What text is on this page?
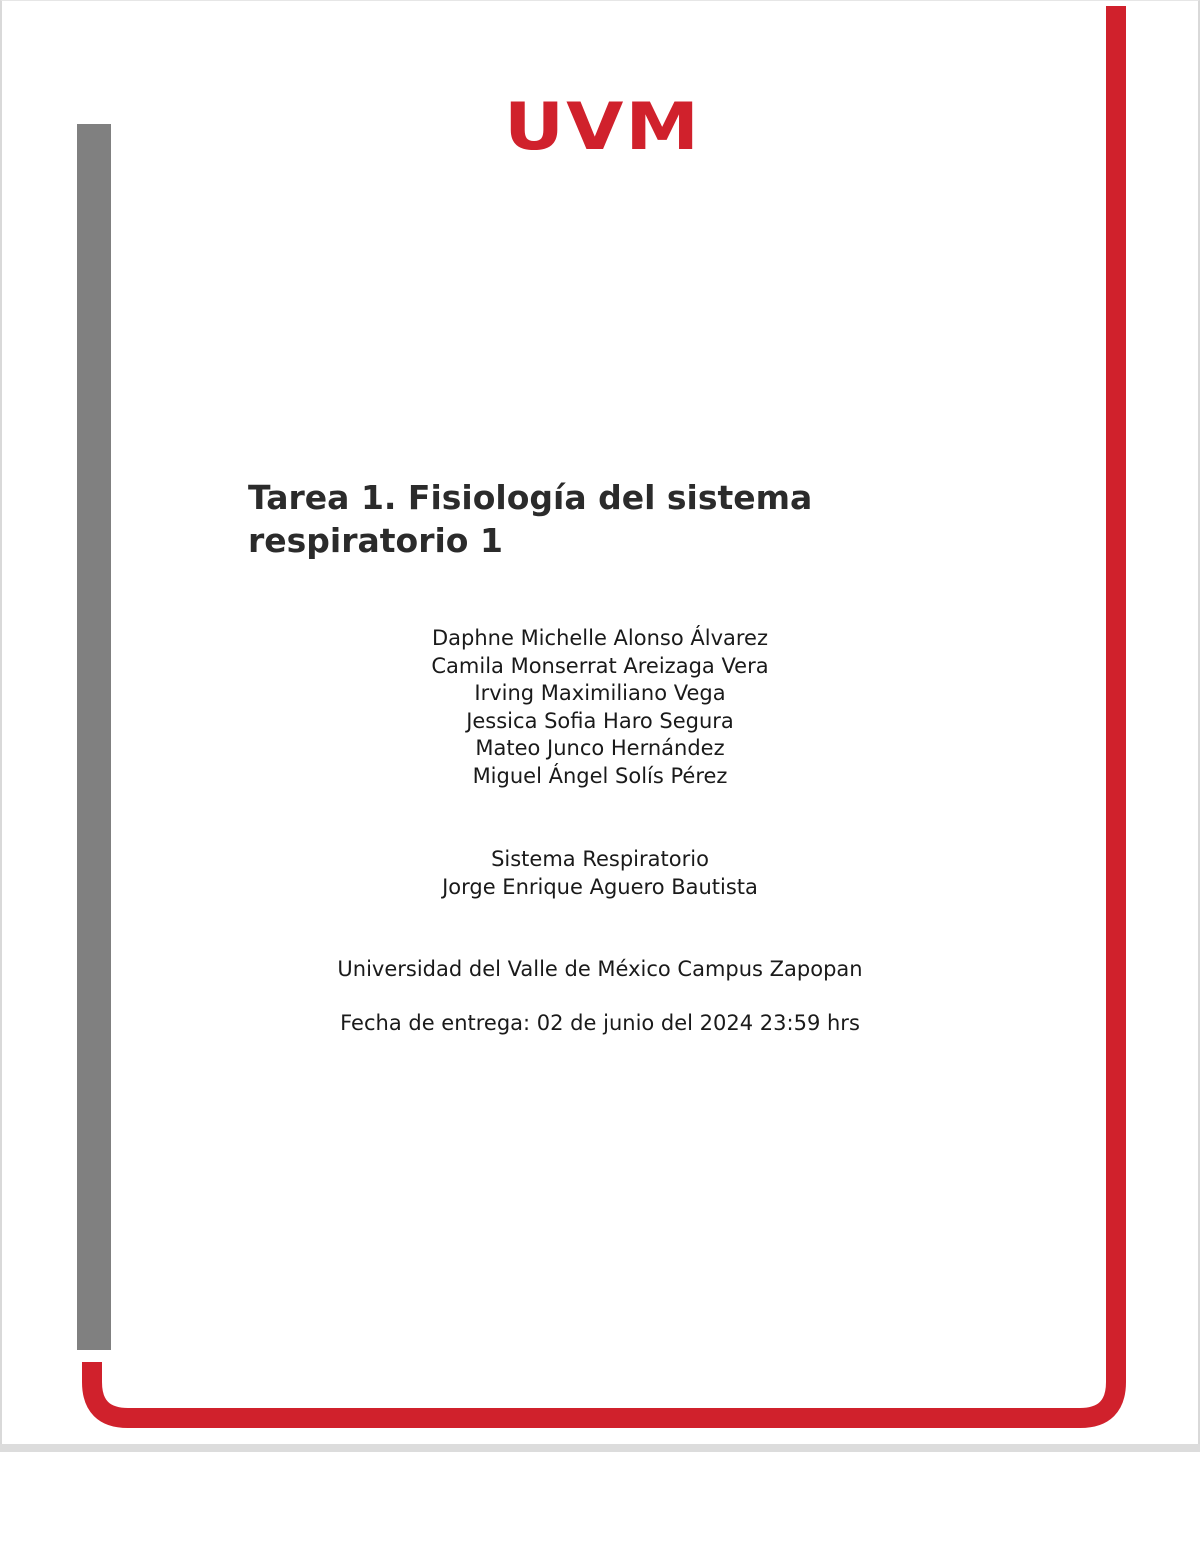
UVM
Tarea 1. Fisiología del sistema
respiratorio 1
Daphne Michelle Alonso Álvarez
Camila Monserrat Areizaga Vera
Irving Maximiliano Vega
Jessica Sofia Haro Segura
Mateo Junco Hernández
Miguel Ángel Solís Pérez
Sistema Respiratorio
Jorge Enrique Aguero Bautista
Universidad del Valle de México Campus Zapopan
Fecha de entrega: 02 de junio del 2024 23:59 hrs
